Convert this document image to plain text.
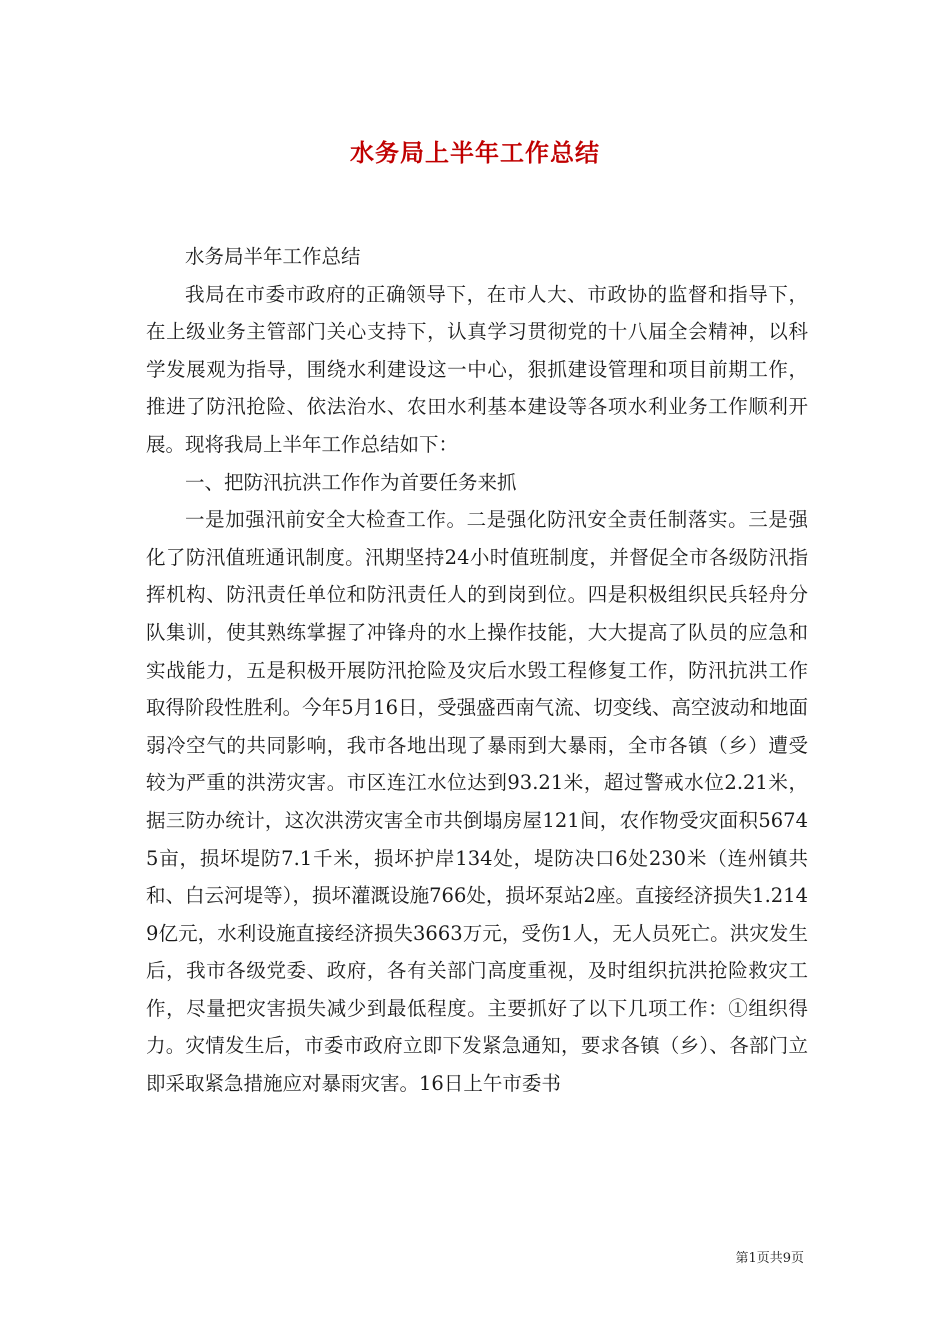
水务局上半年工作总结

水务局半年工作总结

我局在市委市政府的正确领导下，在市人大、市政协的监督和指导下，在上级业务主管部门关心支持下，认真学习贯彻党的十八届全会精神，以科学发展观为指导，围绕水利建设这一中心，狠抓建设管理和项目前期工作，推进了防汛抢险、依法治水、农田水利基本建设等各项水利业务工作顺利开展。现将我局上半年工作总结如下：

一、把防汛抗洪工作作为首要任务来抓

一是加强汛前安全大检查工作。二是强化防汛安全责任制落实。三是强化了防汛值班通讯制度。汛期坚持24小时值班制度，并督促全市各级防汛指挥机构、防汛责任单位和防汛责任人的到岗到位。四是积极组织民兵轻舟分队集训，使其熟练掌握了冲锋舟的水上操作技能，大大提高了队员的应急和实战能力，五是积极开展防汛抢险及灾后水毁工程修复工作，防汛抗洪工作取得阶段性胜利。今年5月16日，受强盛西南气流、切变线、高空波动和地面弱冷空气的共同影响，我市各地出现了暴雨到大暴雨，全市各镇（乡）遭受较为严重的洪涝灾害。市区连江水位达到93.21米，超过警戒水位2.21米，据三防办统计，这次洪涝灾害全市共倒塌房屋121间，农作物受灾面积56745亩，损坏堤防7.1千米，损坏护岸134处，堤防决口6处230米（连州镇共和、白云河堤等），损坏灌溉设施766处，损坏泵站2座。直接经济损失1.2149亿元，水利设施直接经济损失3663万元，受伤1人，无人员死亡。洪灾发生后，我市各级党委、政府，各有关部门高度重视，及时组织抗洪抢险救灾工作，尽量把灾害损失减少到最低程度。主要抓好了以下几项工作：①组织得力。灾情发生后，市委市政府立即下发紧急通知，要求各镇（乡）、各部门立即采取紧急措施应对暴雨灾害。16日上午市委书

第1页共9页
